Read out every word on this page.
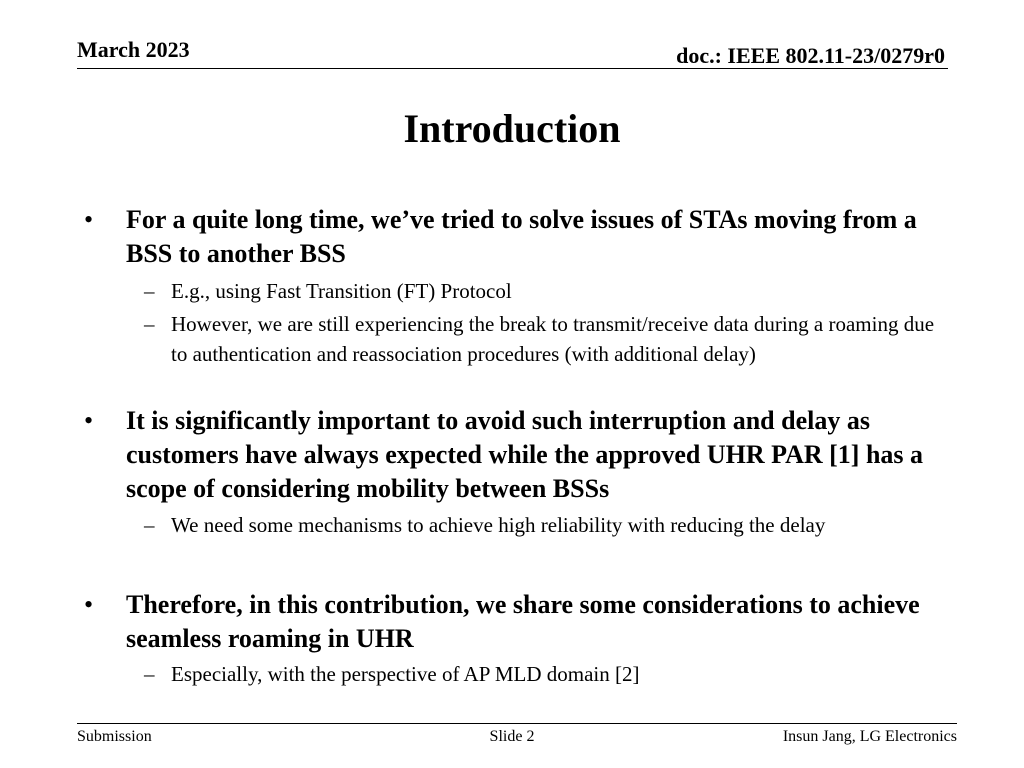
March 2023	doc.: IEEE 802.11-23/0279r0
Introduction
• For a quite long time, we’ve tried to solve issues of STAs moving from a BSS to another BSS
– E.g., using Fast Transition (FT) Protocol
– However, we are still experiencing the break to transmit/receive data during a roaming due to authentication and reassociation procedures (with additional delay)
• It is significantly important to avoid such interruption and delay as customers have always expected while the approved UHR PAR [1] has a scope of considering mobility between BSSs
– We need some mechanisms to achieve high reliability with reducing the delay
• Therefore, in this contribution, we share some considerations to achieve seamless roaming in UHR
– Especially, with the perspective of AP MLD domain [2]
Submission	Slide 2	Insun Jang, LG Electronics
